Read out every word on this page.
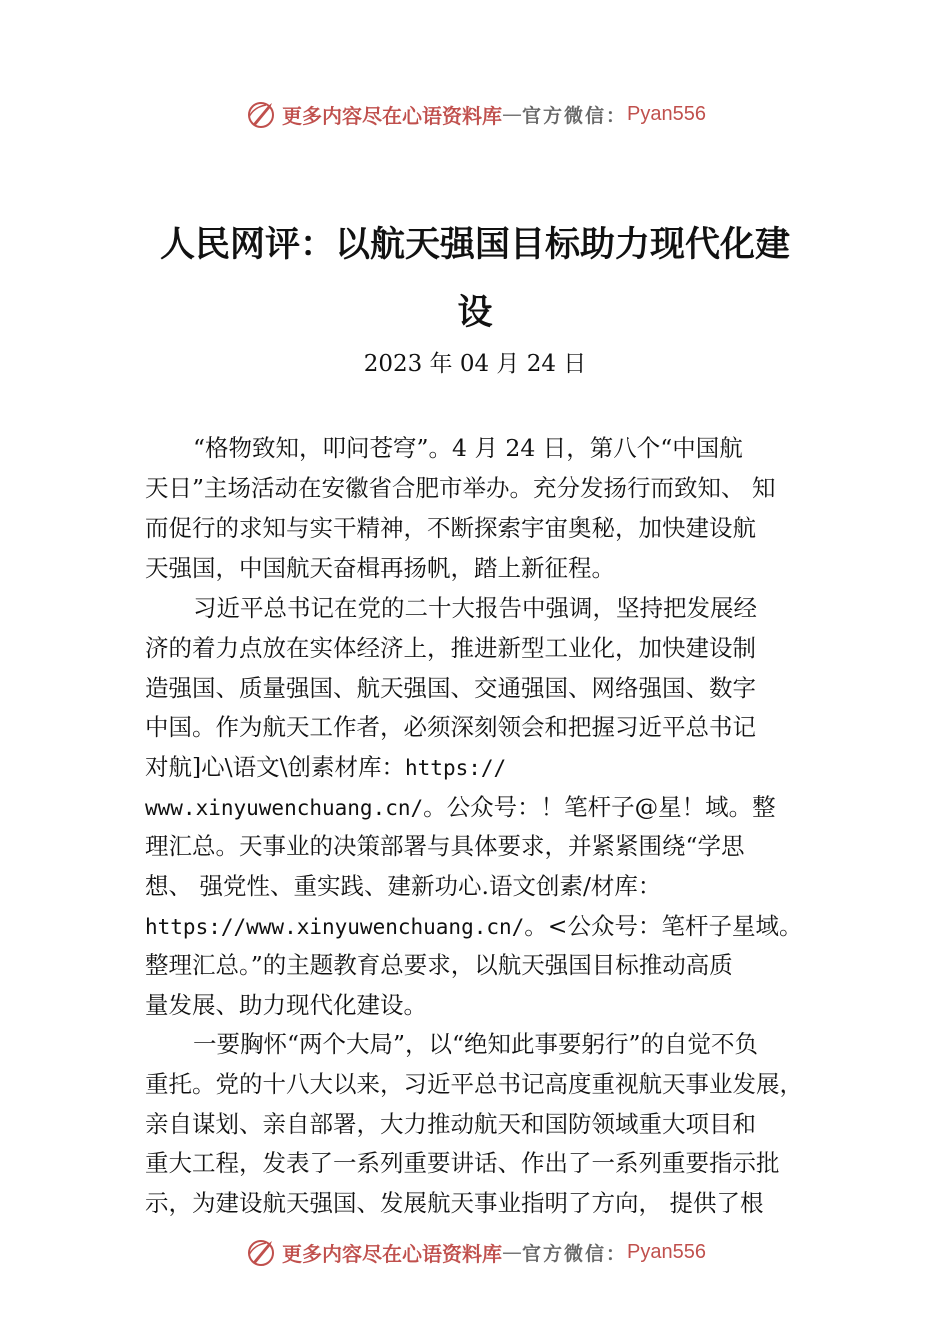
更多内容尽在心语资料库 — 官方微信： Pyan556
人民网评：以航天强国目标助力现代化建
设
2023 年 04 月 24 日
“格物致知，叩问苍穹”。4 月 24 日，第八个“中国航
天日”主场活动在安徽省合肥市举办。充分发扬行而致知、 知
而促行的求知与实干精神，不断探索宇宙奥秘，加快建设航
天强国，中国航天奋楫再扬帆，踏上新征程。
习近平总书记在党的二十大报告中强调，坚持把发展经
济的着力点放在实体经济上，推进新型工业化，加快建设制
造强国、质量强国、航天强国、交通强国、网络强国、数字
中国。作为航天工作者，必须深刻领会和把握习近平总书记
对航]心\语文\创素材库：https://
www.xinyuwenchuang.cn/。公众号：！笔杆子@星！域。整
理汇总。天事业的决策部署与具体要求，并紧紧围绕“学思
想、 强党性、重实践、建新功心.语文创素/材库：
https://www.xinyuwenchuang.cn/。<公众号：笔杆子星域。
整理汇总。”的主题教育总要求，以航天强国目标推动高质
量发展、助力现代化建设。
一要胸怀“两个大局”，以“绝知此事要躬行”的自觉不负
重托。党的十八大以来，习近平总书记高度重视航天事业发展，
亲自谋划、亲自部署，大力推动航天和国防领域重大项目和
重大工程，发表了一系列重要讲话、作出了一系列重要指示批
示，为建设航天强国、发展航天事业指明了方向， 提供了根
更多内容尽在心语资料库 — 官方微信： Pyan556
